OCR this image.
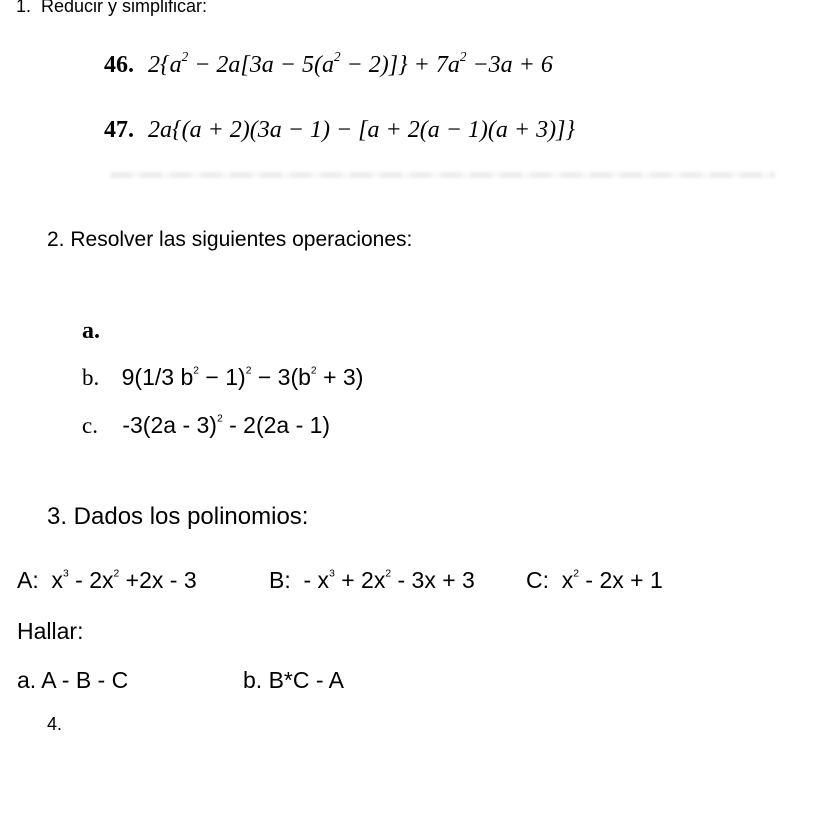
1.  Reducir y simplificar:
46. $2\{a^2 - 2a[3a - 5(a^2 - 2)]\} + 7a^2 -3a + 6$
47. 2a{(a + 2)(3a − 1) − [a + 2(a − 1)(a + 3)]}
2. Resolver las siguientes operaciones:
a.
b. 9(1/3 $b^2 - 1)^2 - 3(b^2 + 3)$
c. -3(2a - 3)$^2$ - 2(2a - 1)
3. Dados los polinomios:
A:  $x^3 - 2x^2 +2x - 3$	B:  - $x^3 + 2x^2 - 3x + 3$ C:  $x^2 - 2x + 1$
Hallar:
a. A - B - C	b. B*C - A
4.
